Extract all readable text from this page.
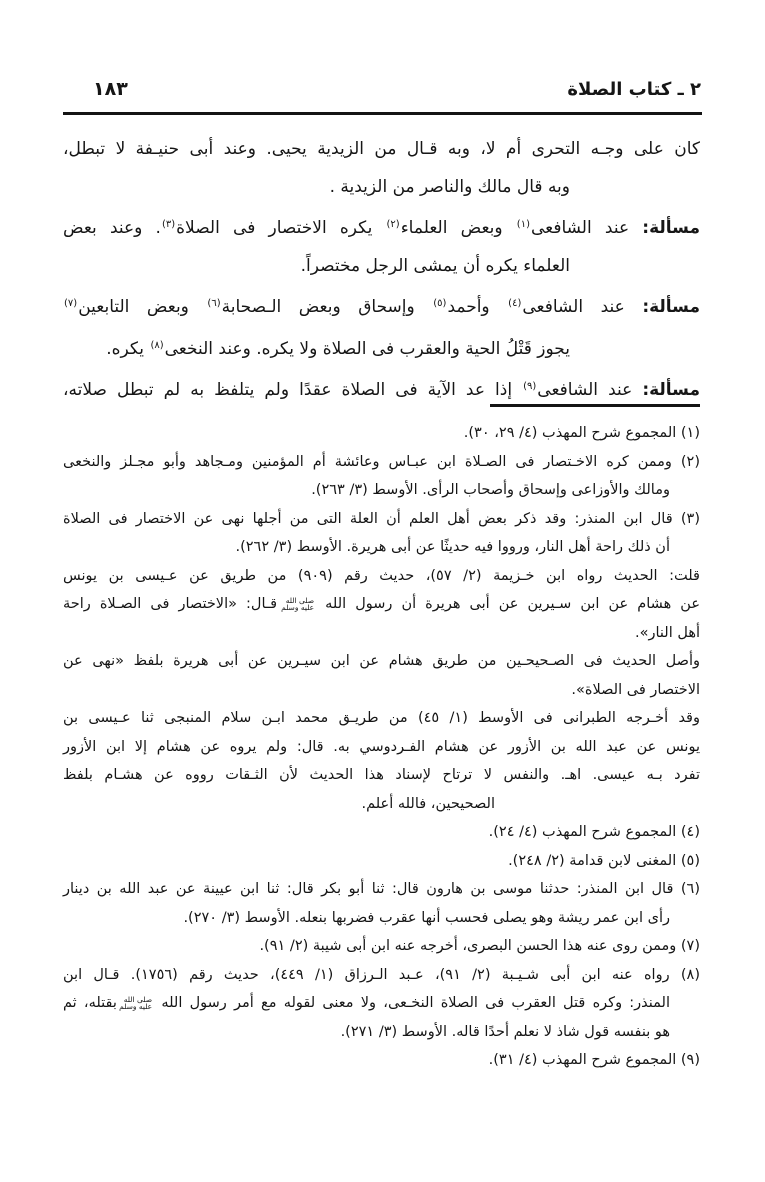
١٨٣	٢ ـ كتاب الصلاة
كان على وجـه التحرى أم لا، وبه قـال من الزيدية يحيى. وعند أبى حنيـفة لا تبطل،
وبه قال مالك والناصر من الزيدية .
مسألة: عند الشافعى$^{(١)}$ وبعض العلماء$^{(٢)}$ يكره الاختصار فى الصلاة$^{(٣)}$. وعند بعض
العلماء يكره أن يمشى الرجل مختصراً.
مسألة: عند الشافعى$^{(٤)}$ وأحمد$^{(٥)}$ وإسحاق وبعض الـصحابة$^{(٦)}$ وبعض التابعين$^{(٧)}$
يجوز قَتْلُ الحية والعقرب فى الصلاة ولا يكره. وعند النخعى$^{(٨)}$ يكره.
مسألة: عند الشافعى$^{(٩)}$ إذا عد الآية فى الصلاة عقدًا ولم يتلفظ به لم تبطل صلاته،
(١) المجموع شرح المهذب (٤/ ٢٩، ٣٠).
(٢) وممن كره الاخـتصار فى الصـلاة ابن عبـاس وعائشة أم المؤمنين ومـجاهد وأبو مجـلز والنخعى
ومالك والأوزاعى وإسحاق وأصحاب الرأى. الأوسط (٣/ ٢٦٣).
(٣) قال ابن المنذر: وقد ذكر بعض أهل العلم أن العلة التى من أجلها نهى عن الاختصار فى الصلاة
أن ذلك راحة أهل النار، ورووا فيه حديثًا عن أبى هريرة. الأوسط (٣/ ٢٦٢).
قلت: الحديث رواه ابن خـزيمة (٢/ ٥٧)، حديث رقم (٩٠٩) من طريق عن عـيسى بن يونس
عن هشام عن ابن سـيرين عن أبى هريرة أن رسول الله
صلى الله
عليه وسلم
قـال: «الاختصار فى الصـلاة راحة
أهل النار».
وأصل الحديث فى الصـحيحـين من طريق هشام عن ابن سيـرين عن أبى هريرة بلفظ «نهى عن
الاختصار فى الصلاة».
وقد أخـرجه الطبرانى فى الأوسط (١/ ٤٥) من طريـق محمد ابـن سلام المنبجى ثنا عـيسى بن
يونس عن عبد الله بن الأزور عن هشام الفـردوسي به. قال: ولم يروه عن هشام إلا ابن الأزور
تفرد بـه عيسى. اهـ. والنفس لا ترتاح لإسناد هذا الحديث لأن الثـقات رووه عن هشـام بلفظ
الصحيحين، فالله أعلم.
(٤) المجموع شرح المهذب (٤/ ٢٤).
(٥) المغنى لابن قدامة (٢/ ٢٤٨).
(٦) قال ابن المنذر: حدثنا موسى بن هارون قال: ثنا أبو بكر قال: ثنا ابن عيينة عن عبد الله بن دينار
رأى ابن عمر ريشة وهو يصلى فحسب أنها عقرب فضربها بنعله. الأوسط (٣/ ٢٧٠).
(٧) وممن روى عنه هذا الحسن البصرى، أخرجه عنه ابن أبى شيبة (٢/ ٩١).
(٨) رواه عنه ابن أبى شـيـبة (٢/ ٩١)، عـبد الـرزاق (١/ ٤٤٩)، حديث رقم (١٧٥٦). قـال ابن
المنذر: وكره قتل العقرب فى الصلاة النخـعى، ولا معنى لقوله مع أمر رسول الله
صلى الله
عليه وسلم
بقتله، ثم
هو بنفسه قول شاذ لا نعلم أحدًا قاله. الأوسط (٣/ ٢٧١).
(٩) المجموع شرح المهذب (٤/ ٣١).
